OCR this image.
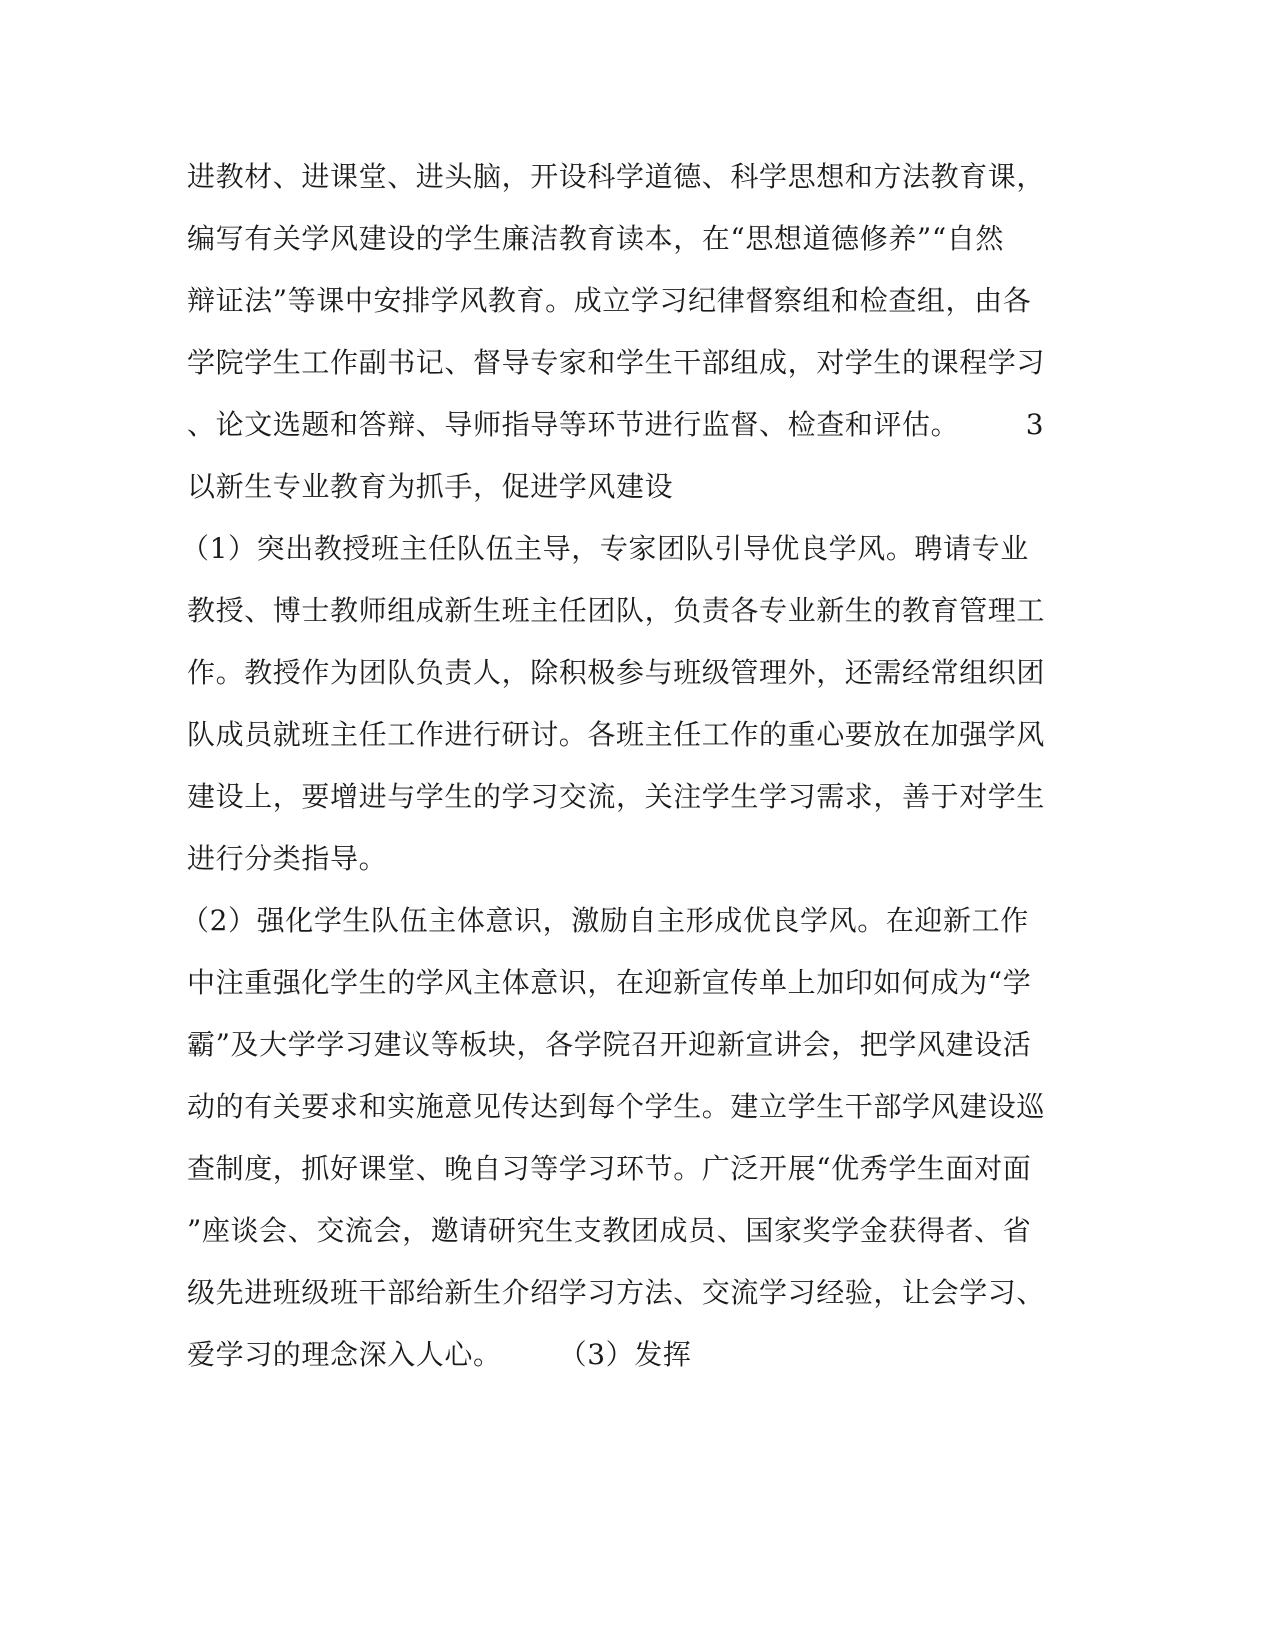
进教材、进课堂、进头脑，开设科学道德、科学思想和方法教育课，
编写有关学风建设的学生廉洁教育读本，在“思想道德修养”“自然
辩证法”等课中安排学风教育。成立学习纪律督察组和检查组，由各
学院学生工作副书记、督导专家和学生干部组成，对学生的课程学习
、论文选题和答辩、导师指导等环节进行监督、检查和评估。       3
以新生专业教育为抓手，促进学风建设
（1）突出教授班主任队伍主导，专家团队引导优良学风。聘请专业
教授、博士教师组成新生班主任团队，负责各专业新生的教育管理工
作。教授作为团队负责人，除积极参与班级管理外，还需经常组织团
队成员就班主任工作进行研讨。各班主任工作的重心要放在加强学风
建设上，要增进与学生的学习交流，关注学生学习需求，善于对学生
进行分类指导。
（2）强化学生队伍主体意识，激励自主形成优良学风。在迎新工作
中注重强化学生的学风主体意识，在迎新宣传单上加印如何成为“学
霸”及大学学习建议等板块，各学院召开迎新宣讲会，把学风建设活
动的有关要求和实施意见传达到每个学生。建立学生干部学风建设巡
查制度，抓好课堂、晚自习等学习环节。广泛开展“优秀学生面对面
”座谈会、交流会，邀请研究生支教团成员、国家奖学金获得者、省
级先进班级班干部给新生介绍学习方法、交流学习经验，让会学习、
爱学习的理念深入人心。      （3）发挥
